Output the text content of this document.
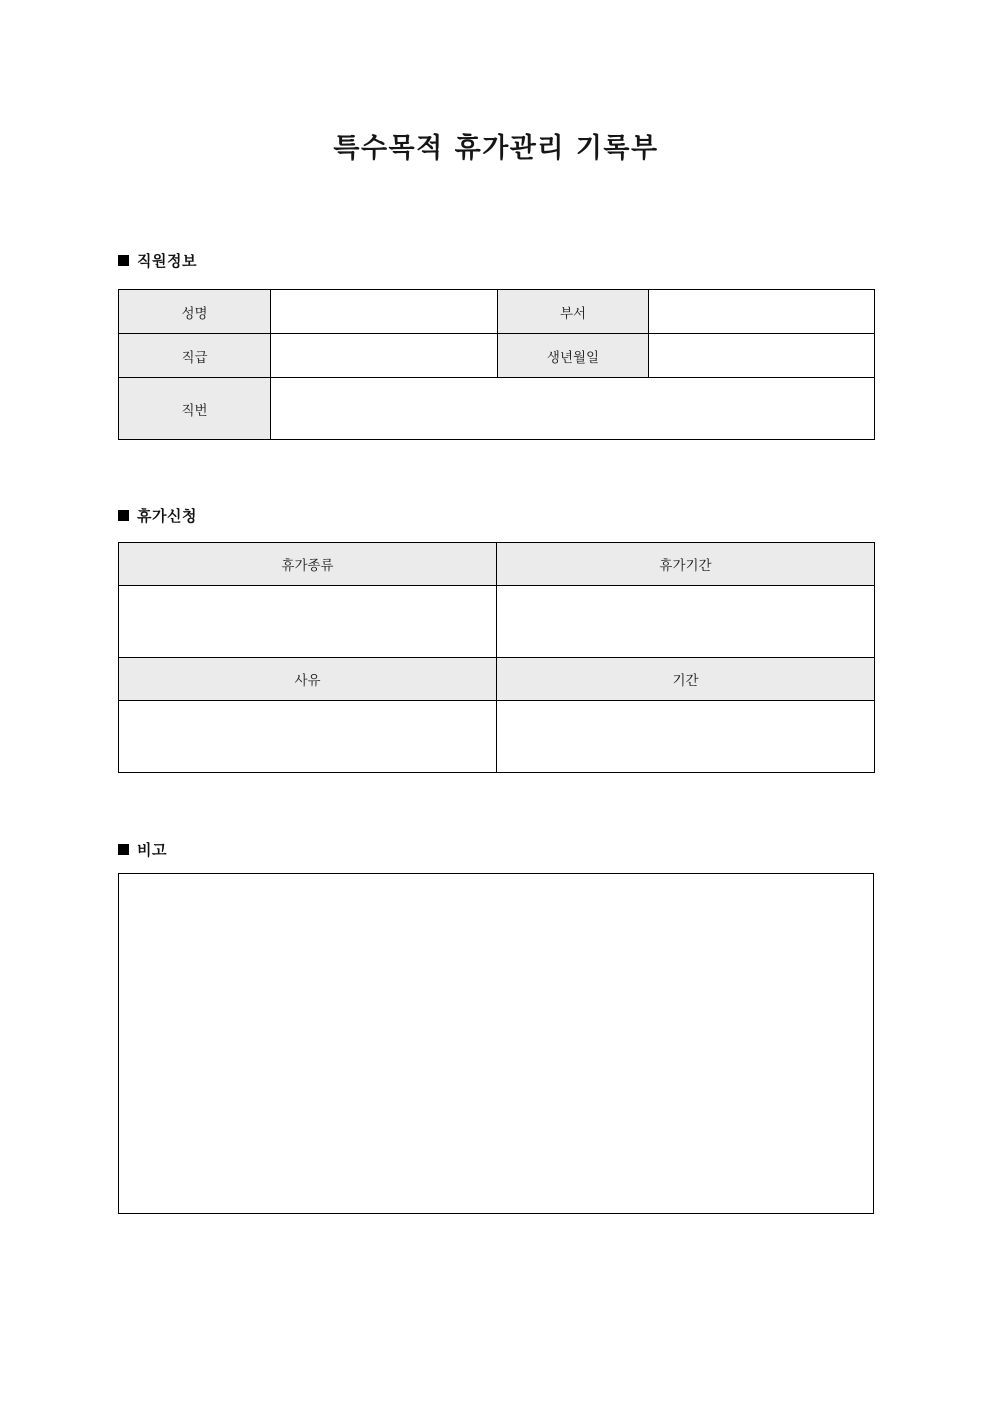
특수목적 휴가관리 기록부
직원정보
성명		부서	
직급		생년월일	
직번			
휴가신청
휴가종류	휴가기간

사유	기간

비고
